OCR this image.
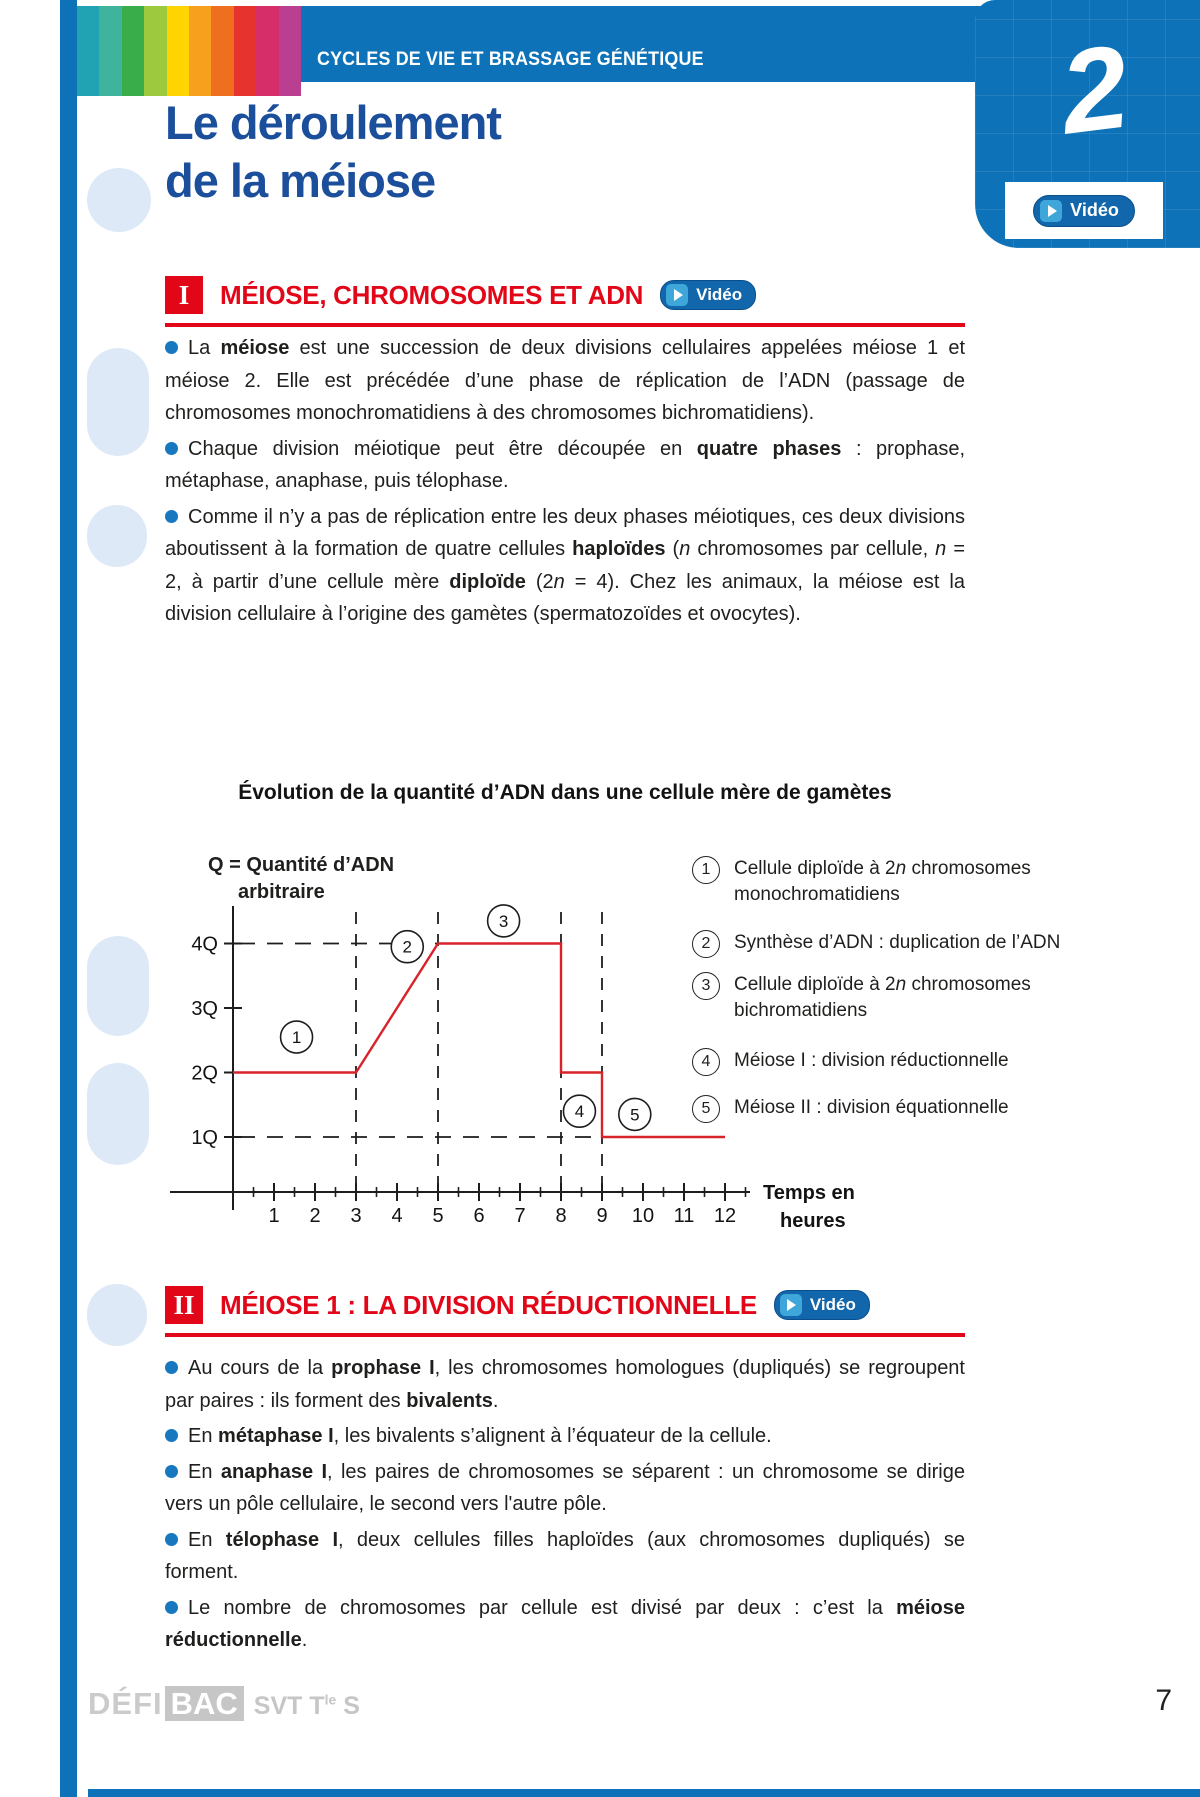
CYCLES DE VIE ET BRASSAGE GÉNÉTIQUE	2
Vidéo
Le déroulement
de la méiose
I	MÉIOSE, CHROMOSOMES ET ADN	Vidéo

La méiose est une succession de deux divisions cellulaires appelées méiose 1 et méiose 2. Elle est précédée d’une phase de réplication de l’ADN (passage de chromosomes monochromatidiens à des chromosomes bichromatidiens).

Chaque division méiotique peut être découpée en quatre phases : prophase, métaphase, anaphase, puis télophase.

Comme il n’y a pas de réplication entre les deux phases méiotiques, ces deux divisions aboutissent à la formation de quatre cellules haploïdes (n chromosomes par cellule, n = 2, à partir d’une cellule mère diploïde (2n = 4). Chez les animaux, la méiose est la division cellulaire à l’origine des gamètes (spermatozoïdes et ovocytes).

Évolution de la quantité d’ADN dans une cellule mère de gamètes
Q = Quantité d’ADN
arbitraire
1Q
2Q
3Q
4Q
1 2 3 4 5 6 7 8 9 10 11 12
Temps en
heures
1
2
3
4	5
1	Cellule diploïde à 2n chromosomes monochromatidiens
2	Synthèse d’ADN : duplication de l’ADN
3	Cellule diploïde à 2n chromosomes bichromatidiens
4	Méiose I : division réductionnelle
5	Méiose II : division équationnelle
II MÉIOSE 1 : LA DIVISION RÉDUCTIONNELLE	Vidéo

Au cours de la prophase I, les chromosomes homologues (dupliqués) se regroupent par paires : ils forment des bivalents.

En métaphase I, les bivalents s’alignent à l’équateur de la cellule.

En anaphase I, les paires de chromosomes se séparent : un chromosome se dirige vers un pôle cellulaire, le second vers l'autre pôle.

En télophase I, deux cellules filles haploïdes (aux chromosomes dupliqués) se forment.

Le nombre de chromosomes par cellule est divisé par deux : c’est la méiose réductionnelle.

DÉFI BAC SVT $T^{le}$ S	7
